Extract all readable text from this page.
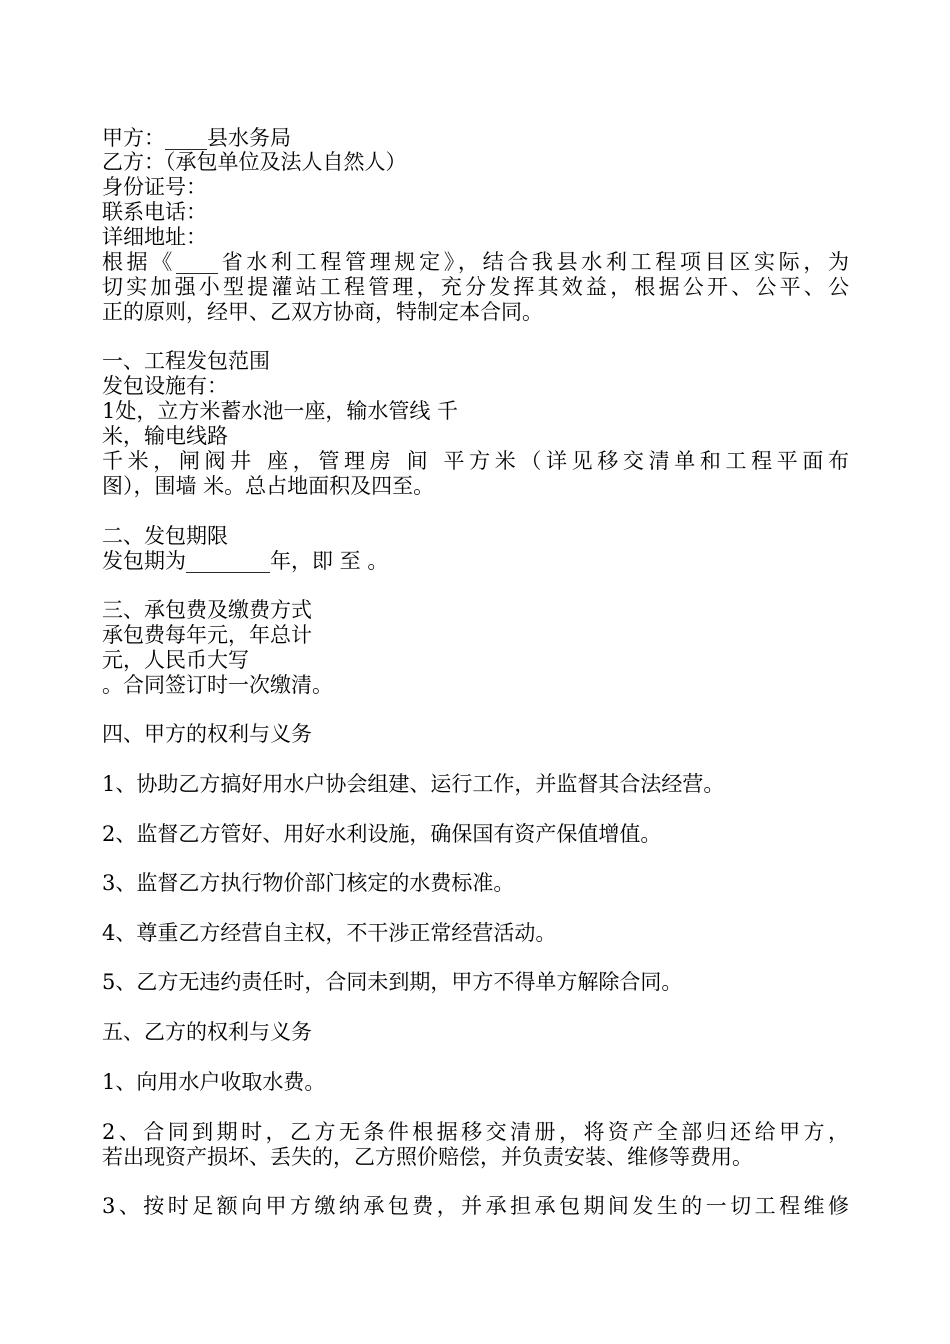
甲方：____县水务局
乙方：（承包单位及法人自然人）
身份证号：
联系电话：
详细地址：
根据《____省水利工程管理规定》，结合我县水利工程项目区实际，为
切实加强小型提灌站工程管理，充分发挥其效益，根据公开、公平、公
正的原则，经甲、乙双方协商，特制定本合同。
一、工程发包范围
发包设施有：
1处，立方米蓄水池一座，输水管线 千
米，输电线路
千米，闸阀井 座，管理房 间 平方米（详见移交清单和工程平面布
图），围墙 米。总占地面积及四至。
二、发包期限
发包期为________年，即 至 。
三、承包费及缴费方式
承包费每年元，年总计
元，人民币大写
。合同签订时一次缴清。
四、甲方的权利与义务
1、协助乙方搞好用水户协会组建、运行工作，并监督其合法经营。
2、监督乙方管好、用好水利设施，确保国有资产保值增值。
3、监督乙方执行物价部门核定的水费标准。
4、尊重乙方经营自主权，不干涉正常经营活动。
5、乙方无违约责任时，合同未到期，甲方不得单方解除合同。
五、乙方的权利与义务
1、向用水户收取水费。
2、合同到期时，乙方无条件根据移交清册，将资产全部归还给甲方，
若出现资产损坏、丢失的，乙方照价赔偿，并负责安装、维修等费用。
3、按时足额向甲方缴纳承包费，并承担承包期间发生的一切工程维修
